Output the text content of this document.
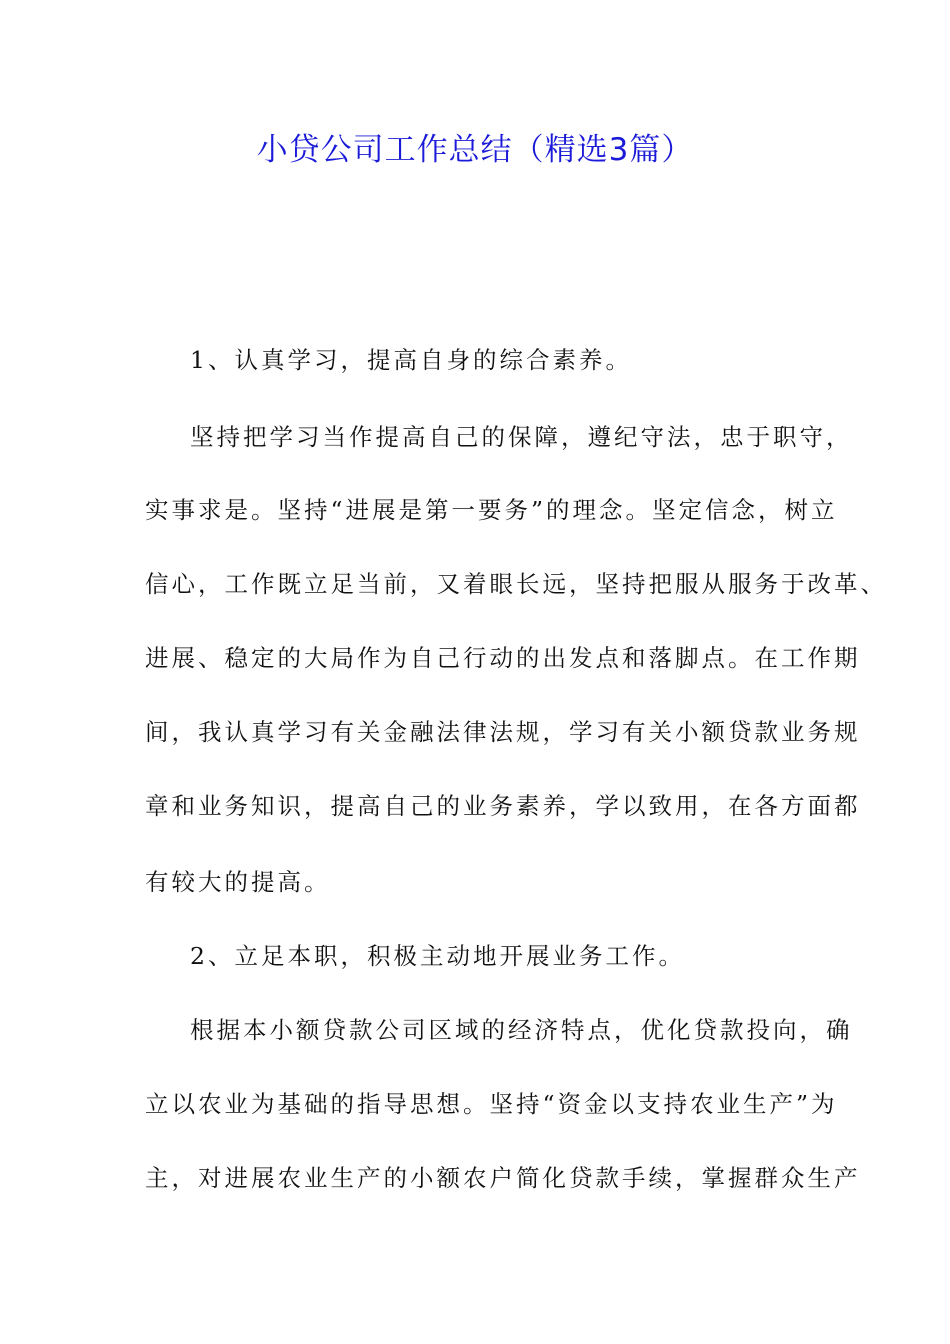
小贷公司工作总结（精选3篇）
1、认真学习，提高自身的综合素养。
坚持把学习当作提高自己的保障，遵纪守法，忠于职守，
实事求是。坚持“进展是第一要务”的理念。坚定信念，树立
信心，工作既立足当前，又着眼长远，坚持把服从服务于改革、
进展、稳定的大局作为自己行动的出发点和落脚点。在工作期
间，我认真学习有关金融法律法规，学习有关小额贷款业务规
章和业务知识，提高自己的业务素养，学以致用，在各方面都
有较大的提高。
2、立足本职，积极主动地开展业务工作。
根据本小额贷款公司区域的经济特点，优化贷款投向，确
立以农业为基础的指导思想。坚持“资金以支持农业生产”为
主，对进展农业生产的小额农户简化贷款手续，掌握群众生产
